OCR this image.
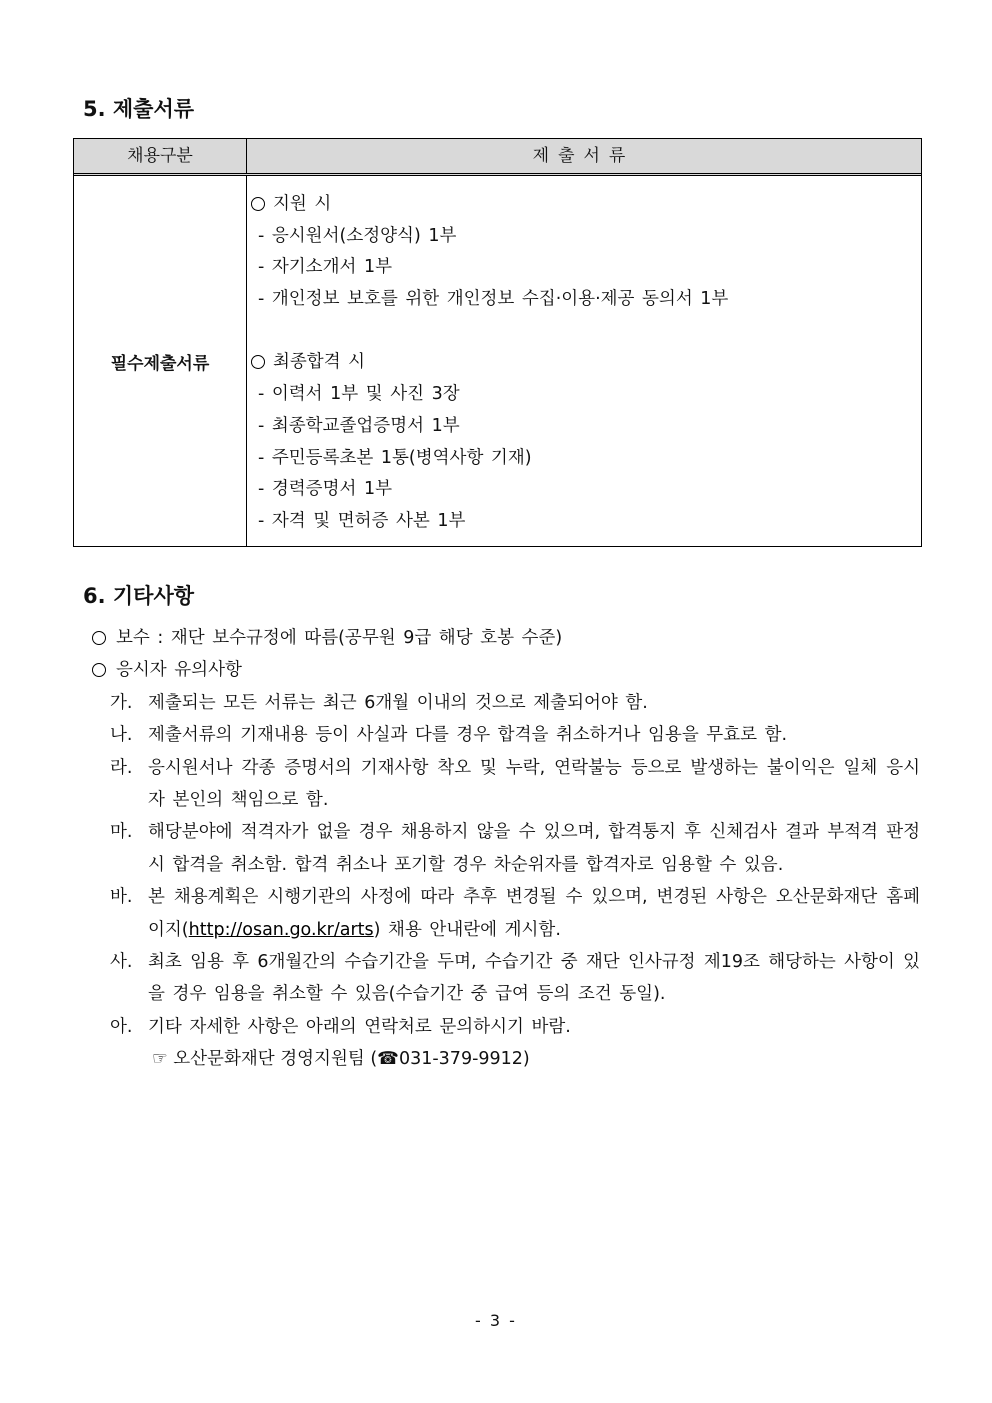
5. 제출서류
채용구분	제출서류
필수제출서류
지원 시
- 응시원서(소정양식) 1부
- 자기소개서 1부
- 개인정보 보호를 위한 개인정보 수집·이용·제공 동의서 1부
최종합격 시
- 이력서 1부 및 사진 3장
- 최종학교졸업증명서 1부
- 주민등록초본 1통(병역사항 기재)
- 경력증명서 1부
- 자격 및 면허증 사본 1부
6. 기타사항
보수 : 재단 보수규정에 따름(공무원 9급 해당 호봉 수준)
응시자 유의사항
가. 제출되는 모든 서류는 최근 6개월 이내의 것으로 제출되어야 함.
나. 제출서류의 기재내용 등이 사실과 다를 경우 합격을 취소하거나 임용을 무효로 함.
라. 응시원서나 각종 증명서의 기재사항 착오 및 누락, 연락불능 등으로 발생하는 불이익은 일체 응시자 본인의 책임으로 함.
마. 해당분야에 적격자가 없을 경우 채용하지 않을 수 있으며, 합격통지 후 신체검사 결과 부적격 판정 시 합격을 취소함. 합격 취소나 포기할 경우 차순위자를 합격자로 임용할 수 있음.
바. 본 채용계획은 시행기관의 사정에 따라 추후 변경될 수 있으며, 변경된 사항은 오산문화재단 홈페이지(http://osan.go.kr/arts) 채용 안내란에 게시함.
사. 최초 임용 후 6개월간의 수습기간을 두며, 수습기간 중 재단 인사규정 제19조 해당하는 사항이 있을 경우 임용을 취소할 수 있음(수습기간 중 급여 등의 조건 동일).
아. 기타 자세한 사항은 아래의 연락처로 문의하시기 바람.
☞ 오산문화재단 경영지원팀 (☎031-379-9912)
- 3 -
